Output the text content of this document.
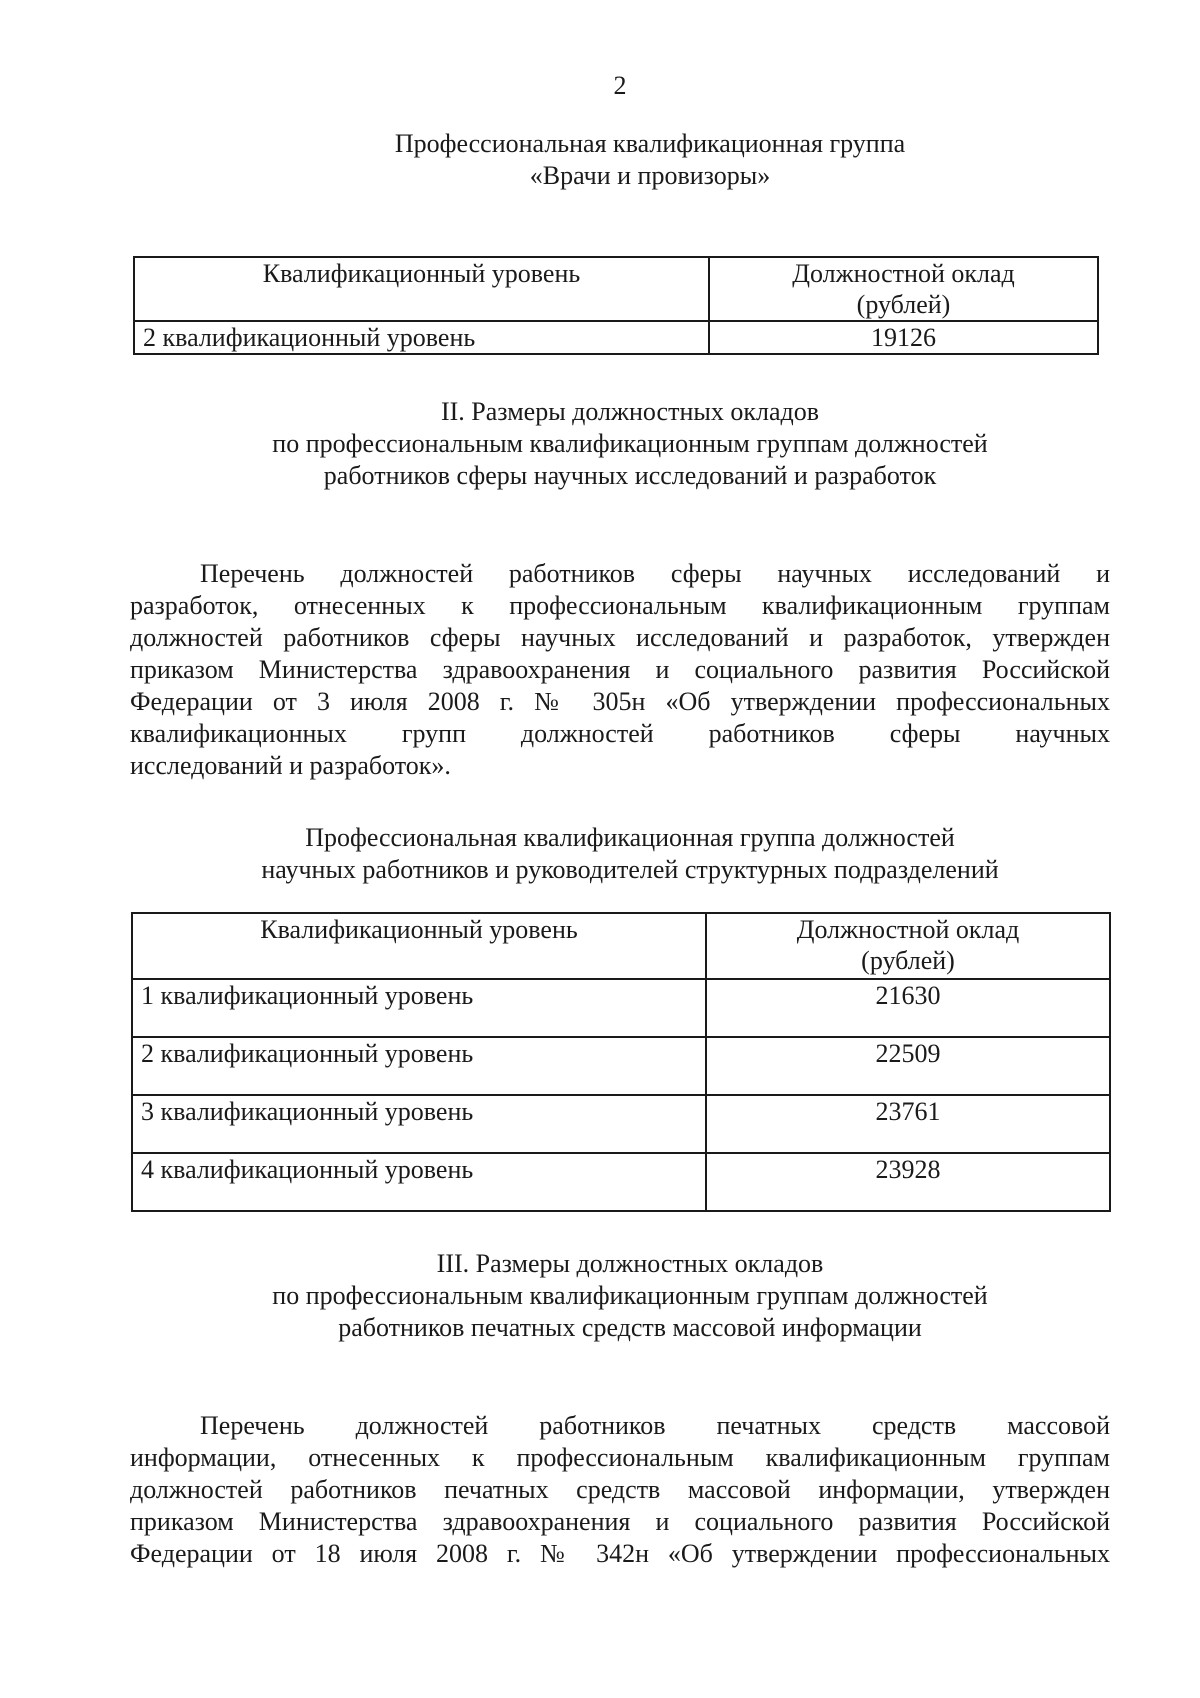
2
Профессиональная квалификационная группа
«Врачи и провизоры»
Квалификационный уровень	Должностной оклад
(рублей)

2 квалификационный уровень	19126
II. Размеры должностных окладов
по профессиональным квалификационным группам должностей
работников сферы научных исследований и разработок
Перечень должностей работников сферы научных исследований и
разработок, отнесенных к профессиональным квалификационным группам
должностей работников сферы научных исследований и разработок, утвержден
приказом Министерства здравоохранения и социального развития Российской
Федерации от 3 июля 2008 г. № 305н «Об утверждении профессиональных
квалификационных групп должностей работников сферы научных
исследований и разработок».
Профессиональная квалификационная группа должностей
научных работников и руководителей структурных подразделений
Квалификационный уровень	Должностной оклад
(рублей)

1 квалификационный уровень	21630
2 квалификационный уровень	22509
3 квалификационный уровень	23761
4 квалификационный уровень	23928
III. Размеры должностных окладов
по профессиональным квалификационным группам должностей
работников печатных средств массовой информации
Перечень должностей работников печатных средств массовой
информации, отнесенных к профессиональным квалификационным группам
должностей работников печатных средств массовой информации, утвержден
приказом Министерства здравоохранения и социального развития Российской
Федерации от 18 июля 2008 г. № 342н «Об утверждении профессиональных
